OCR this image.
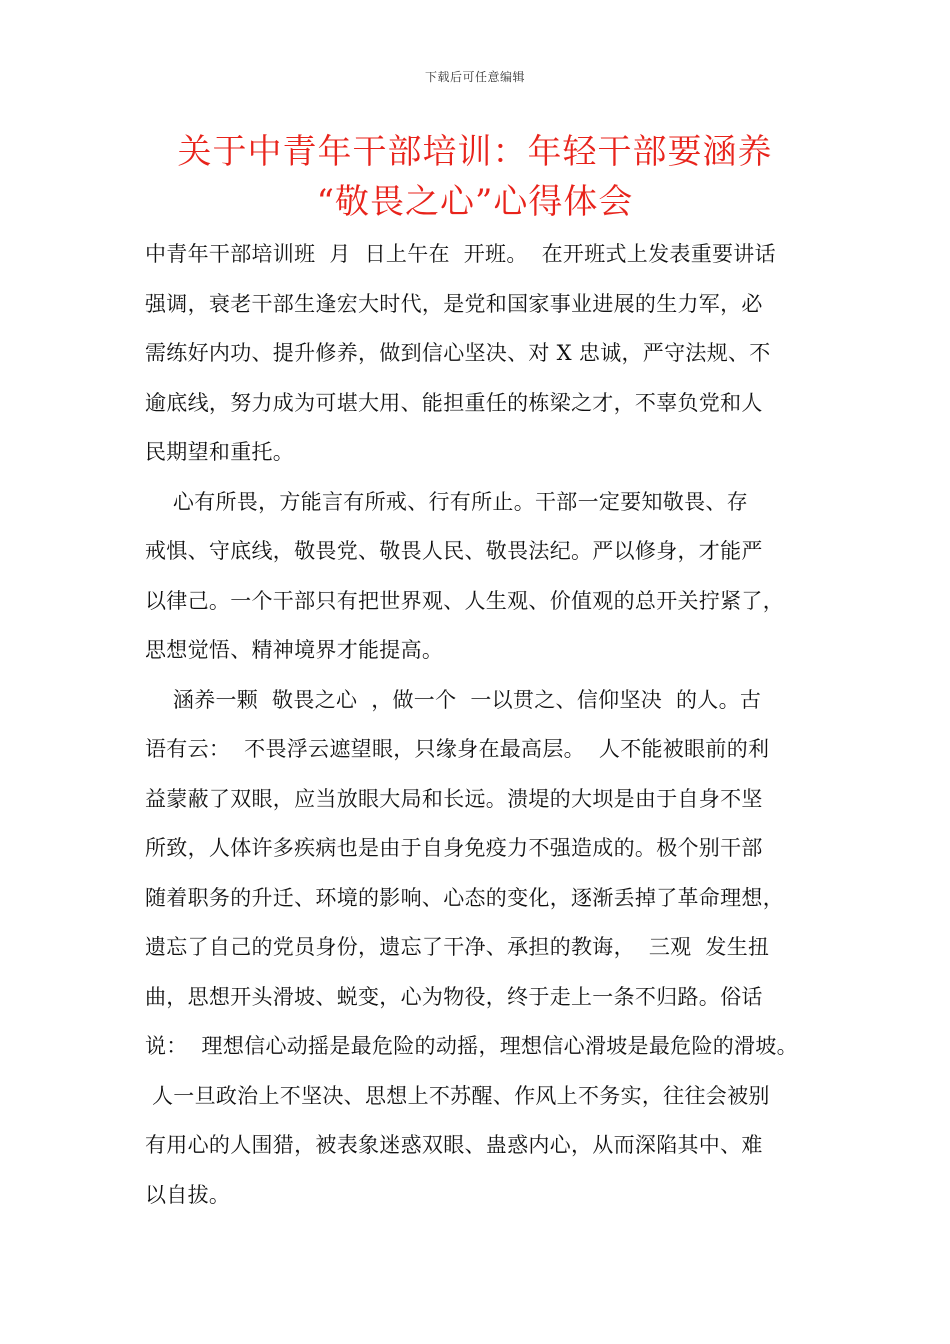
下载后可任意编辑
关于中青年干部培训：年轻干部要涵养
“敬畏之心”心得体会
中青年干部培训班  月  日上午在  开班。  在开班式上发表重要讲话
强调，衰老干部生逢宏大时代，是党和国家事业进展的生力军，必
需练好内功、提升修养，做到信心坚决、对 X 忠诚，严守法规、不
逾底线，努力成为可堪大用、能担重任的栋梁之才，不辜负党和人
民期望和重托。
心有所畏，方能言有所戒、行有所止。干部一定要知敬畏、存
戒惧、守底线，敬畏党、敬畏人民、敬畏法纪。严以修身，才能严
以律己。一个干部只有把世界观、人生观、价值观的总开关拧紧了，
思想觉悟、精神境界才能提高。
涵养一颗  敬畏之心  ，做一个  一以贯之、信仰坚决  的人。古
语有云：  不畏浮云遮望眼，只缘身在最高层。  人不能被眼前的利
益蒙蔽了双眼，应当放眼大局和长远。溃堤的大坝是由于自身不坚
所致，人体许多疾病也是由于自身免疫力不强造成的。极个别干部
随着职务的升迁、环境的影响、心态的变化，逐渐丢掉了革命理想，
遗忘了自己的党员身份，遗忘了干净、承担的教诲，  三观  发生扭
曲，思想开头滑坡、蜕变，心为物役，终于走上一条不归路。俗话
说：  理想信心动摇是最危险的动摇，理想信心滑坡是最危险的滑坡。
人一旦政治上不坚决、思想上不苏醒、作风上不务实，往往会被别
有用心的人围猎，被表象迷惑双眼、蛊惑内心，从而深陷其中、难
以自拔。
